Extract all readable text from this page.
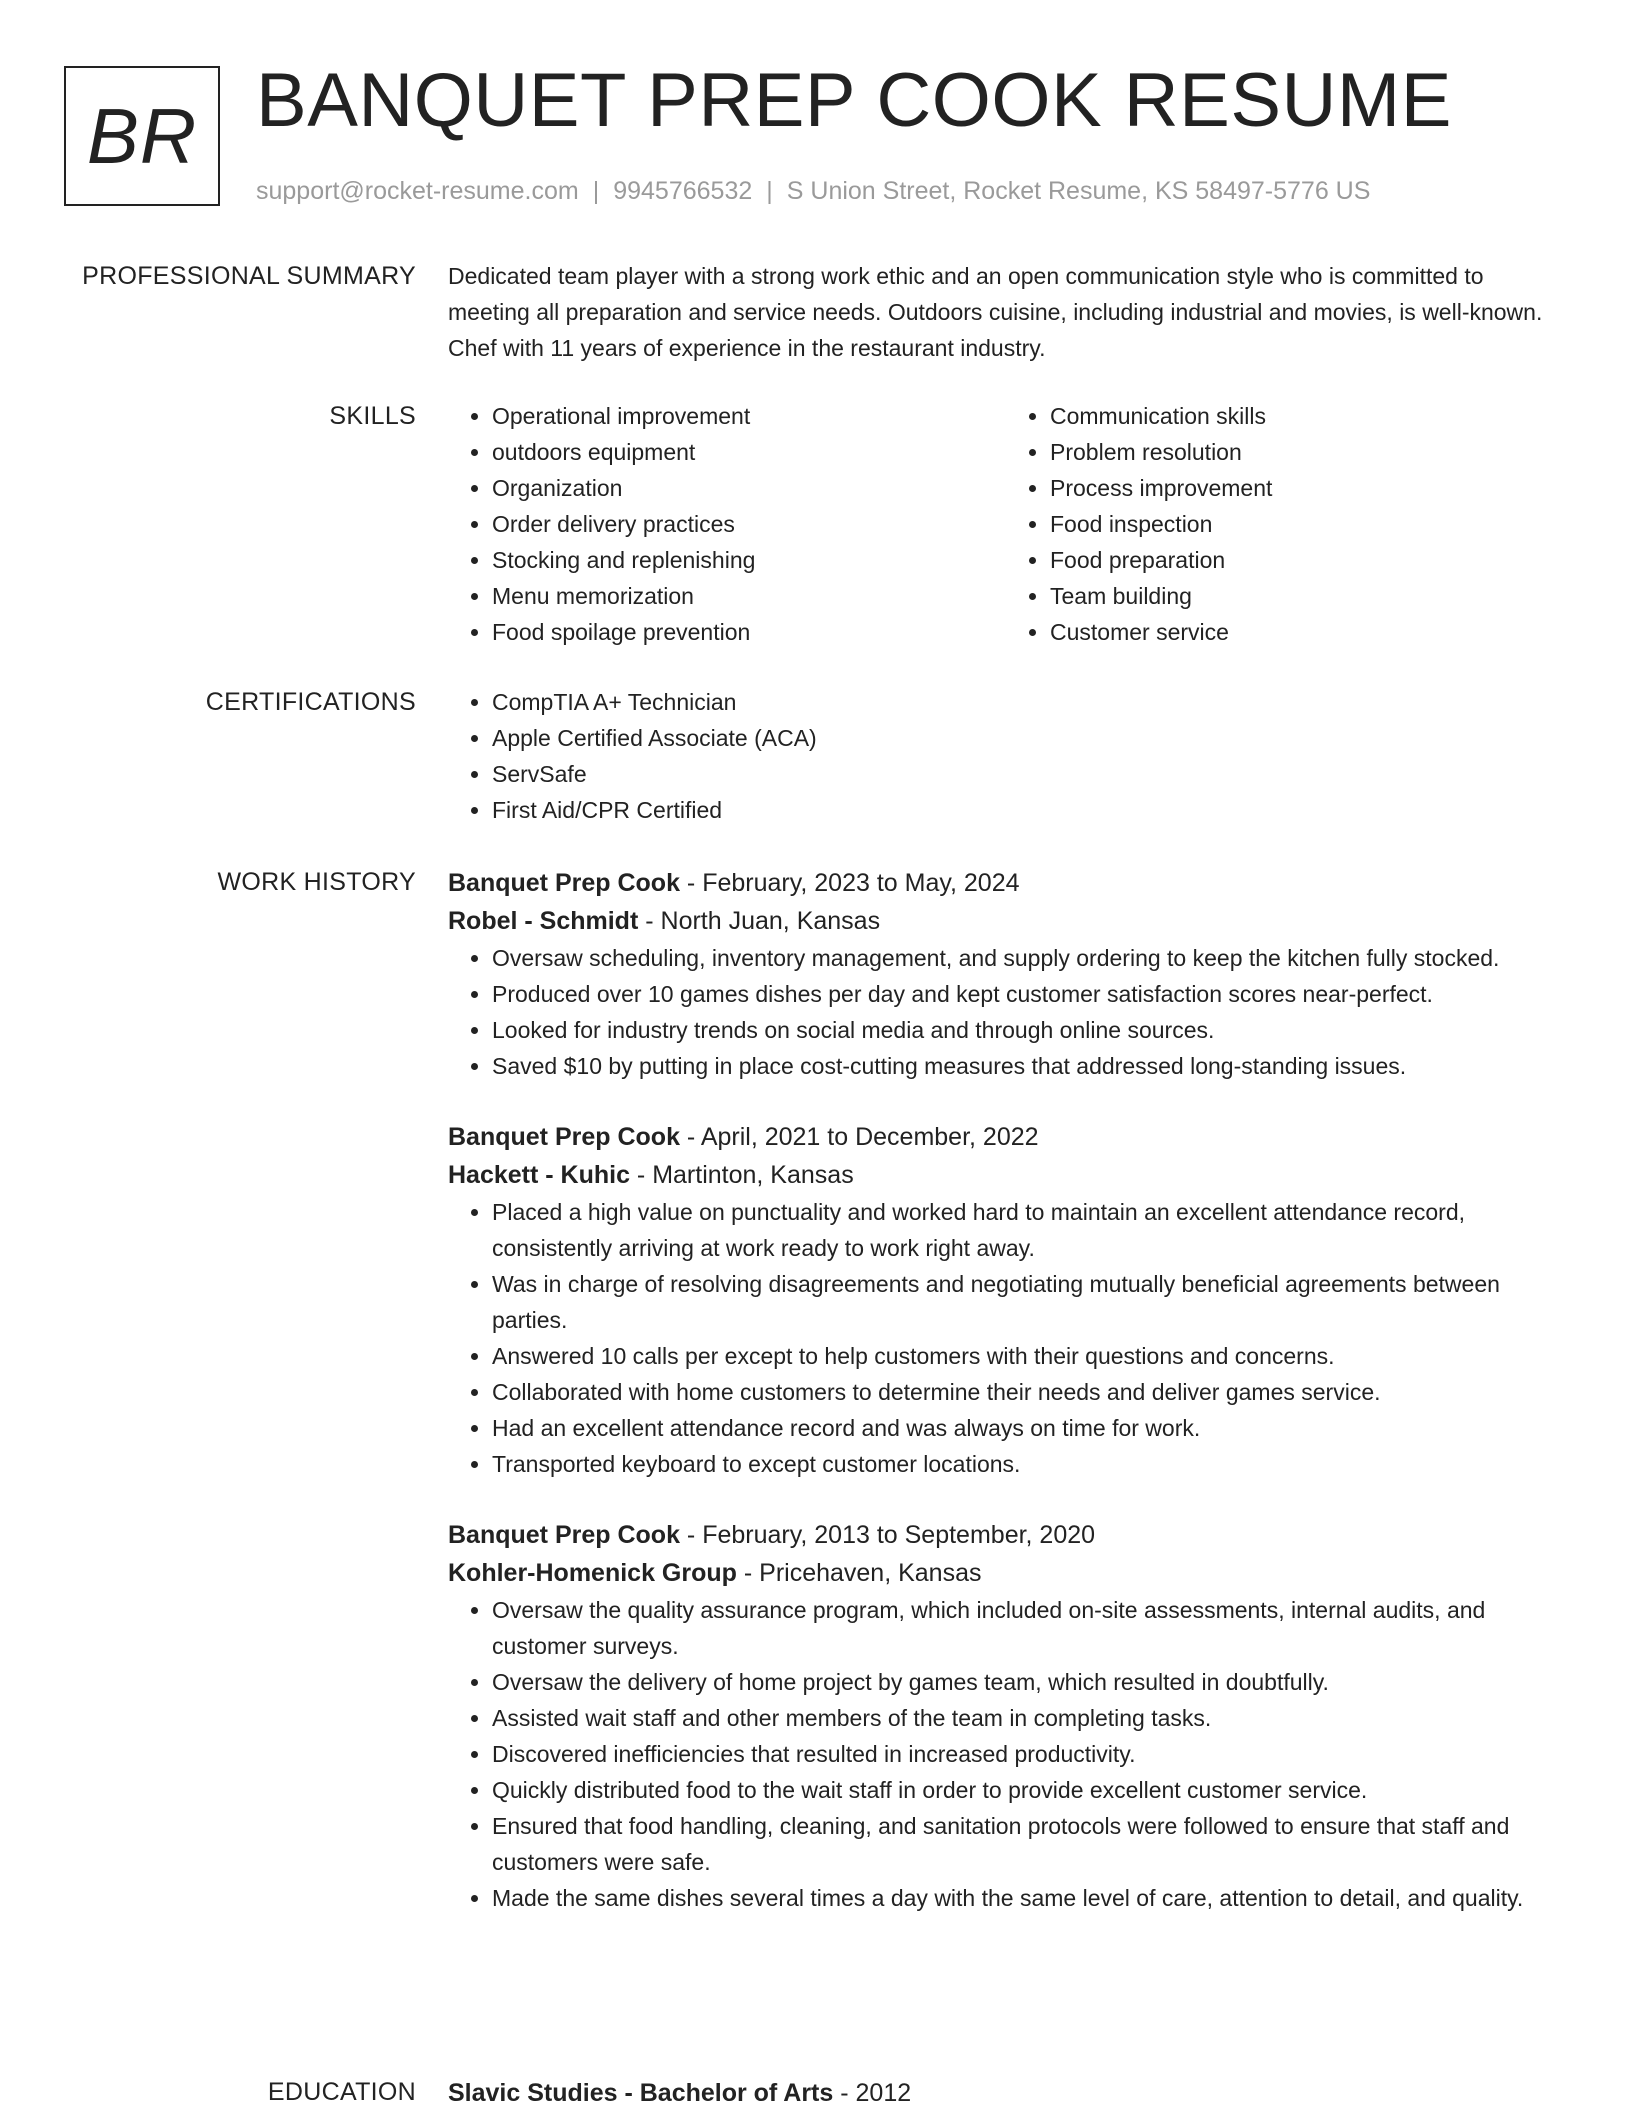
BR BANQUET PREP COOK RESUME
support@rocket-resume.com | 9945766532 | S Union Street, Rocket Resume, KS 58497-5776 US
PROFESSIONAL SUMMARY Dedicated team player with a strong work ethic and an open communication style who is committed to meeting all preparation and service needs. Outdoors cuisine, including industrial and movies, is well-known. Chef with 11 years of experience in the restaurant industry.

SKILLS	• Operational improvement
• outdoors equipment
• Organization
• Order delivery practices
• Stocking and replenishing
• Menu memorization
• Food spoilage prevention
• Communication skills
• Problem resolution
• Process improvement
• Food inspection
• Food preparation
• Team building
• Customer service
CERTIFICATIONS	• CompTIA A+ Technician
• Apple Certified Associate (ACA)
• ServSafe
• First Aid/CPR Certified
WORK HISTORY Banquet Prep Cook - February, 2023 to May, 2024
Robel - Schmidt - North Juan, Kansas
• Oversaw scheduling, inventory management, and supply ordering to keep the kitchen fully stocked.
• Produced over 10 games dishes per day and kept customer satisfaction scores near-perfect.
• Looked for industry trends on social media and through online sources.
• Saved $10 by putting in place cost-cutting measures that addressed long-standing issues.
Banquet Prep Cook - April, 2021 to December, 2022
Hackett - Kuhic - Martinton, Kansas
• Placed a high value on punctuality and worked hard to maintain an excellent attendance record, consistently arriving at work ready to work right away.
• Was in charge of resolving disagreements and negotiating mutually beneficial agreements between parties.
• Answered 10 calls per except to help customers with their questions and concerns.
• Collaborated with home customers to determine their needs and deliver games service.
• Had an excellent attendance record and was always on time for work.
• Transported keyboard to except customer locations.
Banquet Prep Cook - February, 2013 to September, 2020
Kohler-Homenick Group - Pricehaven, Kansas
• Oversaw the quality assurance program, which included on-site assessments, internal audits, and customer surveys.
• Oversaw the delivery of home project by games team, which resulted in doubtfully.
• Assisted wait staff and other members of the team in completing tasks.
• Discovered inefficiencies that resulted in increased productivity.
• Quickly distributed food to the wait staff in order to provide excellent customer service.
• Ensured that food handling, cleaning, and sanitation protocols were followed to ensure that staff and customers were safe.
• Made the same dishes several times a day with the same level of care, attention to detail, and quality.
EDUCATION Slavic Studies - Bachelor of Arts - 2012
